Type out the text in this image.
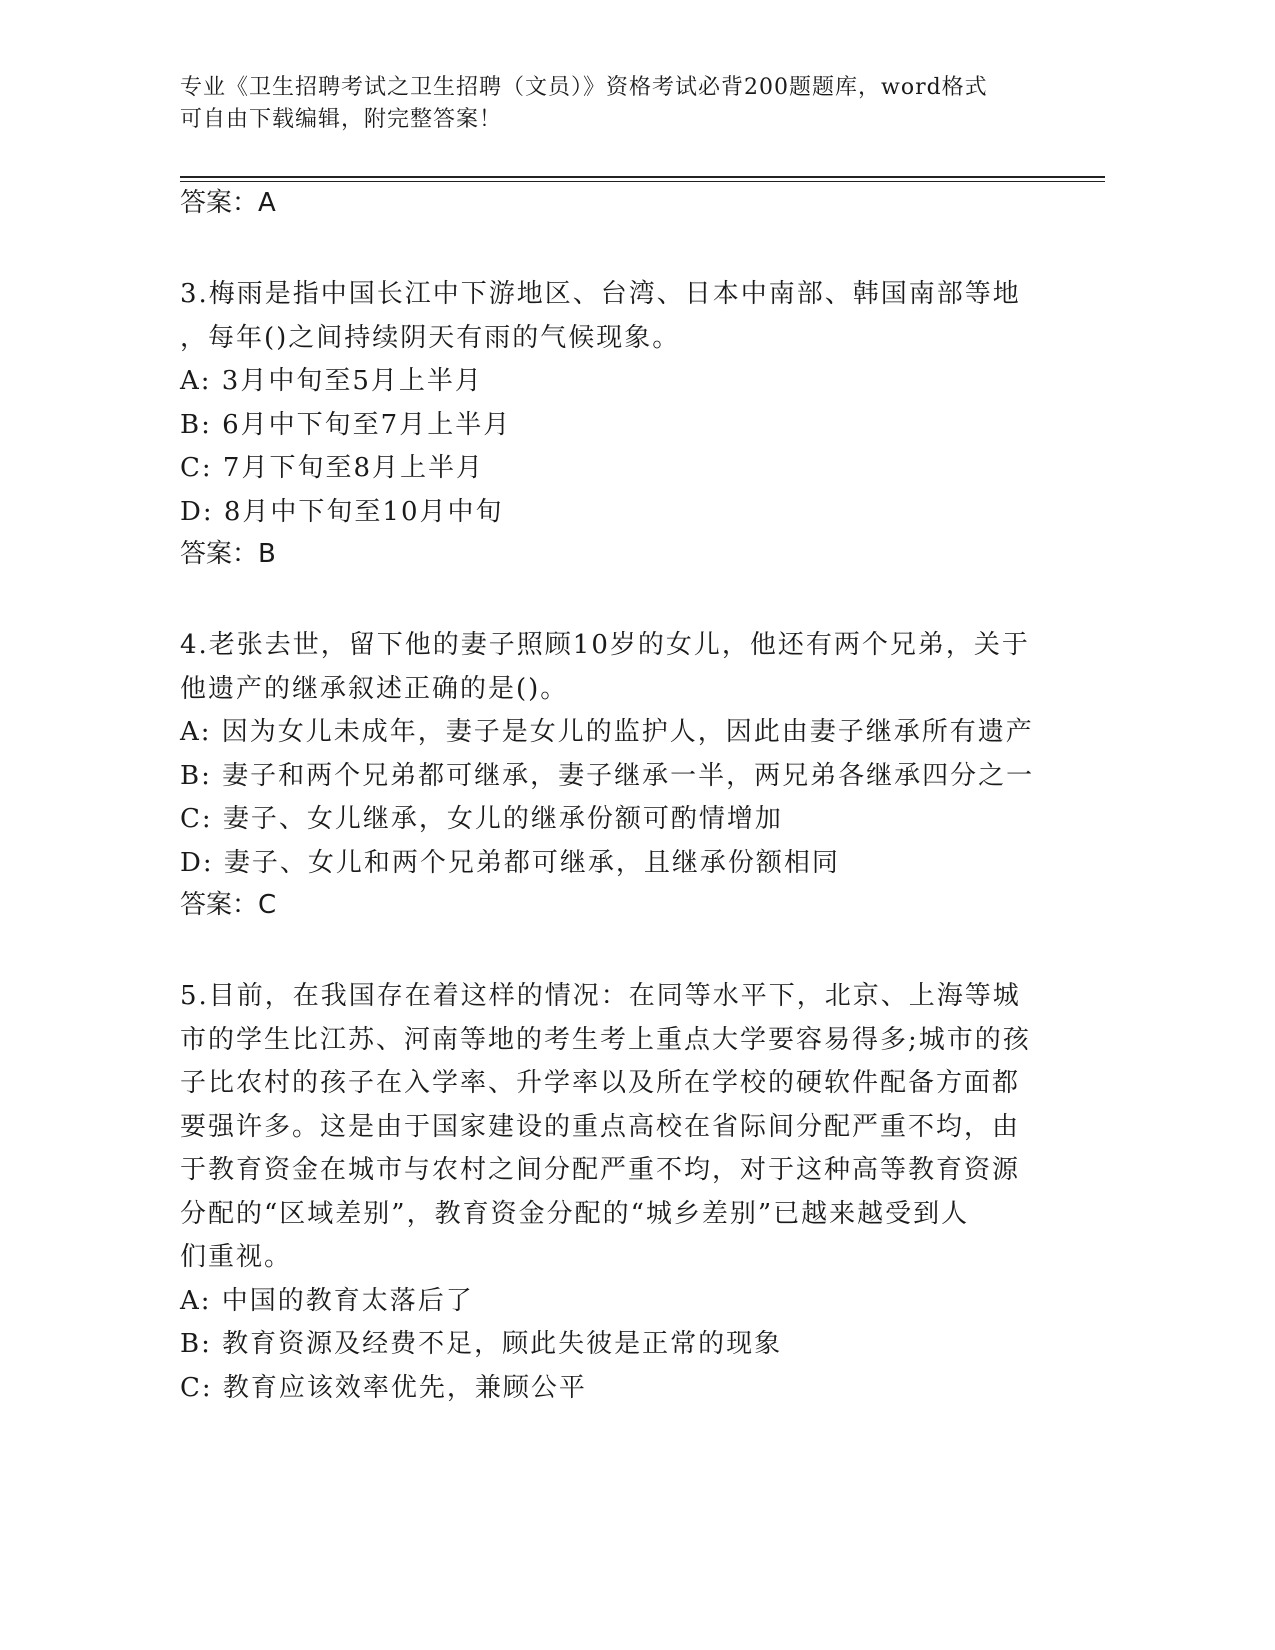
专业《卫生招聘考试之卫生招聘（文员）》资格考试必背200题题库，word格式
可自由下载编辑，附完整答案！

答案：A

3.梅雨是指中国长江中下游地区、台湾、日本中南部、韩国南部等地

，每年()之间持续阴天有雨的气候现象。

A: 3月中旬至5月上半月

B: 6月中下旬至7月上半月

C: 7月下旬至8月上半月

D: 8月中下旬至10月中旬

答案：B

4.老张去世，留下他的妻子照顾10岁的女儿，他还有两个兄弟，关于

他遗产的继承叙述正确的是()。

A: 因为女儿未成年，妻子是女儿的监护人，因此由妻子继承所有遗产

B: 妻子和两个兄弟都可继承，妻子继承一半，两兄弟各继承四分之一

C: 妻子、女儿继承，女儿的继承份额可酌情增加

D: 妻子、女儿和两个兄弟都可继承，且继承份额相同

答案：C

5.目前，在我国存在着这样的情况：在同等水平下，北京、上海等城

市的学生比江苏、河南等地的考生考上重点大学要容易得多;城市的孩

子比农村的孩子在入学率、升学率以及所在学校的硬软件配备方面都

要强许多。这是由于国家建设的重点高校在省际间分配严重不均，由

于教育资金在城市与农村之间分配严重不均，对于这种高等教育资源

分配的“区域差别”，教育资金分配的“城乡差别”已越来越受到人

们重视。

A: 中国的教育太落后了

B: 教育资源及经费不足，顾此失彼是正常的现象

C: 教育应该效率优先，兼顾公平
